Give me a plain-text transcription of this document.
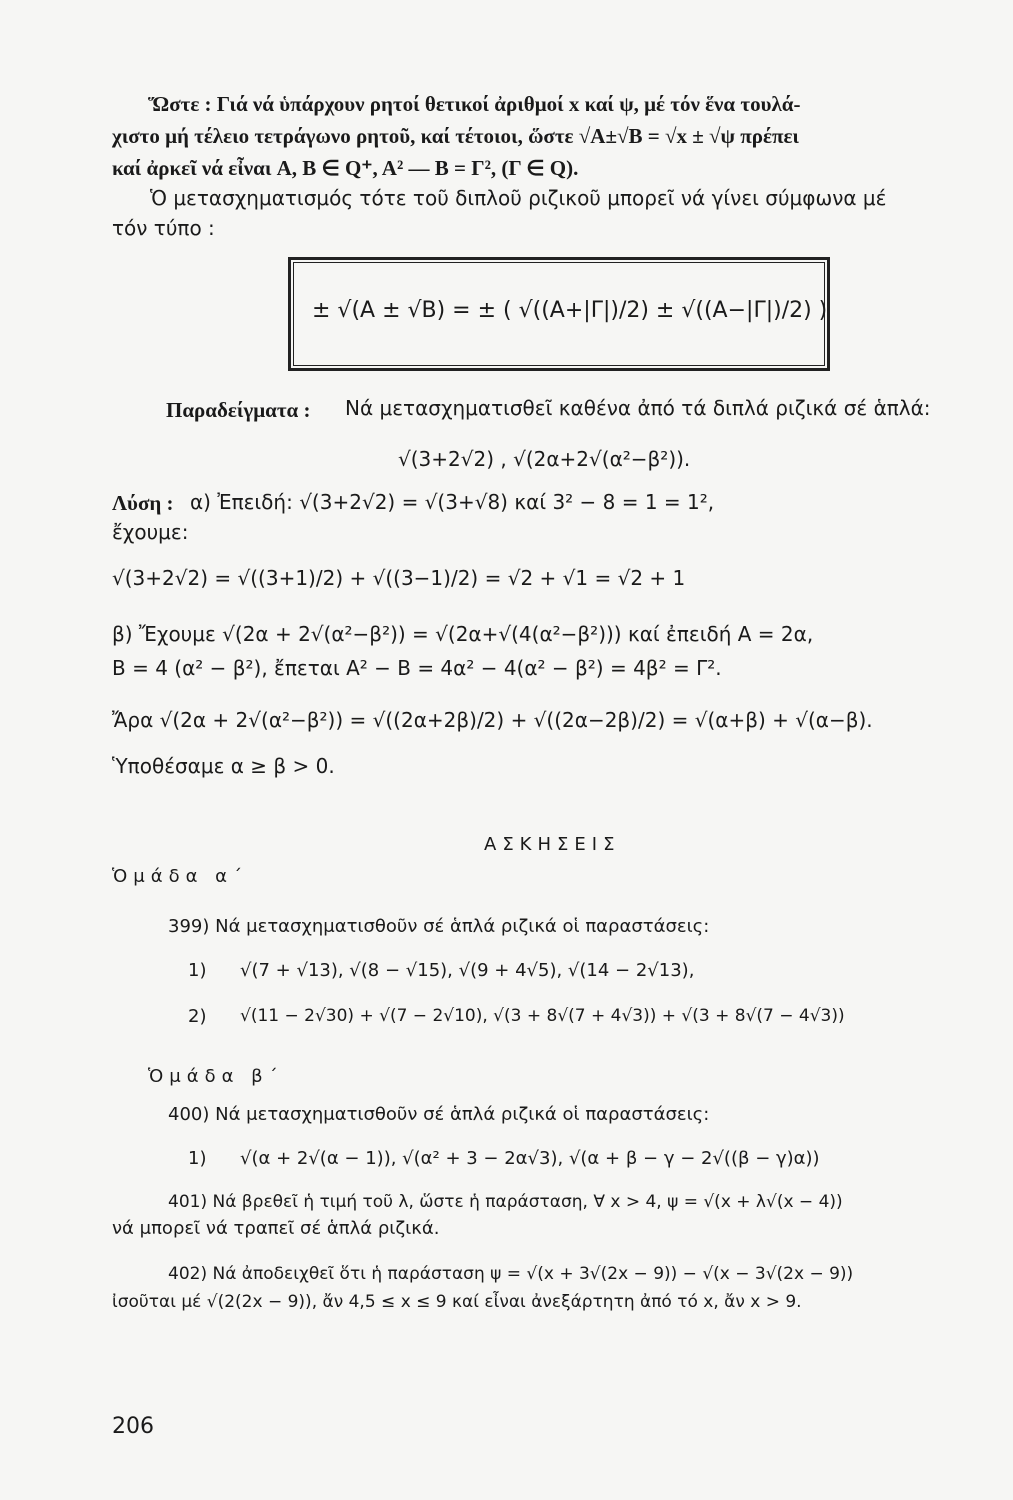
Ὥστε : Γιά νά ὑπάρχουν ρητοί θετικοί ἀριθμοί x καί ψ, μέ τόν ἕνα τουλά-
χιστο μή τέλειο τετράγωνο ρητοῦ, καί τέτοιοι, ὥστε √A±√B = √x ± √ψ πρέπει
καί ἀρκεῖ νά εἶναι A, B ∈ Q⁺, A² — B = Γ², (Γ ∈ Q).
Ὁ μετασχηματισμός τότε τοῦ διπλοῦ ριζικοῦ μπορεῖ νά γίνει σύμφωνα μέ
τόν τύπο :
± √(A ± √B) = ± ( √((A+|Γ|)/2) ± √((A−|Γ|)/2) )
Παραδείγματα : Νά μετασχηματισθεῖ καθένα ἀπό τά διπλά ριζικά σέ ἁπλά:
√(3+2√2) , √(2α+2√(α²−β²)).
Λύση : α) Ἐπειδή: √(3+2√2) = √(3+√8) καί 3² − 8 = 1 = 1²,
ἔχουμε:
√(3+2√2) = √((3+1)/2) + √((3−1)/2) = √2 + √1 = √2 + 1
β) Ἔχουμε √(2α + 2√(α²−β²)) = √(2α+√(4(α²−β²))) καί ἐπειδή A = 2α,
B = 4 (α² − β²), ἔπεται A² − B = 4α² − 4(α² − β²) = 4β² = Γ².
Ἄρα √(2α + 2√(α²−β²)) = √((2α+2β)/2) + √((2α−2β)/2) = √(α+β) + √(α−β).
Ὑποθέσαμε α ≥ β > 0.
ΑΣΚΗΣΕΙΣ
Ὁμάδα α΄
399) Νά μετασχηματισθοῦν σέ ἁπλά ριζικά οἱ παραστάσεις:
1) √(7 + √13), √(8 − √15), √(9 + 4√5), √(14 − 2√13),
2) √(11 − 2√30) + √(7 − 2√10), √(3 + 8√(7 + 4√3)) + √(3 + 8√(7 − 4√3))
Ὁμάδα β΄
400) Νά μετασχηματισθοῦν σέ ἁπλά ριζικά οἱ παραστάσεις:
1) √(α + 2√(α − 1)), √(α² + 3 − 2α√3), √(α + β − γ − 2√((β − γ)α))
401) Νά βρεθεῖ ἡ τιμή τοῦ λ, ὥστε ἡ παράσταση, ∀ x > 4, ψ = √(x + λ√(x − 4))
νά μπορεῖ νά τραπεῖ σέ ἁπλά ριζικά.
402) Νά ἀποδειχθεῖ ὅτι ἡ παράσταση ψ = √(x + 3√(2x − 9)) − √(x − 3√(2x − 9))
ἰσοῦται μέ √(2(2x − 9)), ἄν 4,5 ≤ x ≤ 9 καί εἶναι ἀνεξάρτητη ἀπό τό x, ἄν x > 9.
206
